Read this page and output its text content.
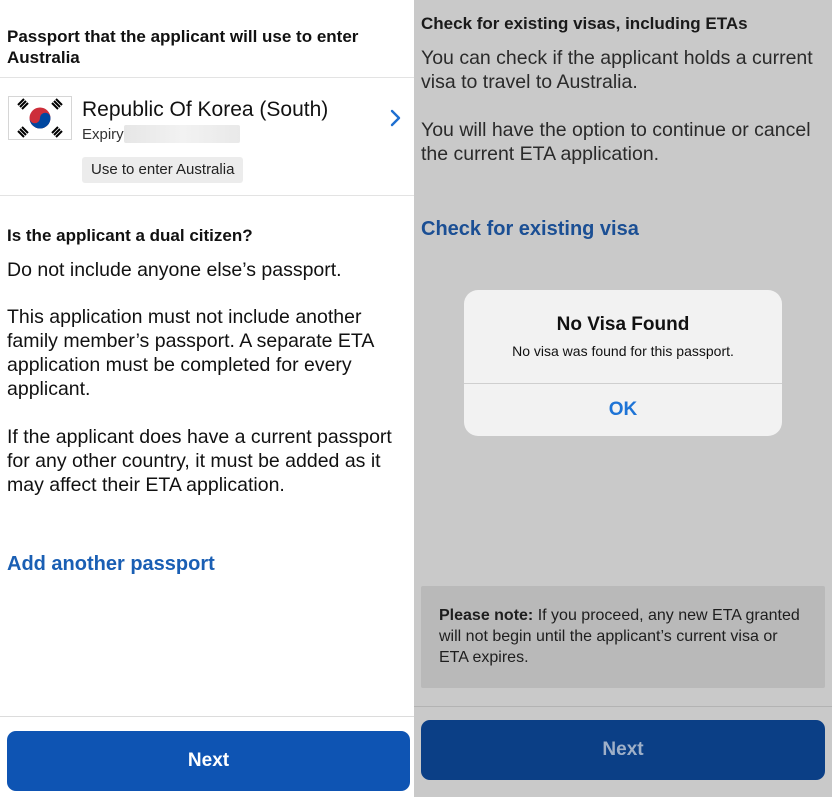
Passport that the applicant will use to enter Australia
Republic Of Korea (South)
Expiry
Use to enter Australia
Is the applicant a dual citizen?
Do not include anyone else’s passport.
This application must not include another family member’s passport. A separate ETA application must be completed for every applicant.
If the applicant does have a current passport for any other country, it must be added as it may affect their ETA application.
Add another passport
Next
Check for existing visas, including ETAs
You can check if the applicant holds a current visa to travel to Australia.
You will have the option to continue or cancel the current ETA application.
Check for existing visa
No Visa Found
No visa was found for this passport.
OK
Please note: If you proceed, any new ETA granted will not begin until the applicant’s current visa or ETA expires.
Next
